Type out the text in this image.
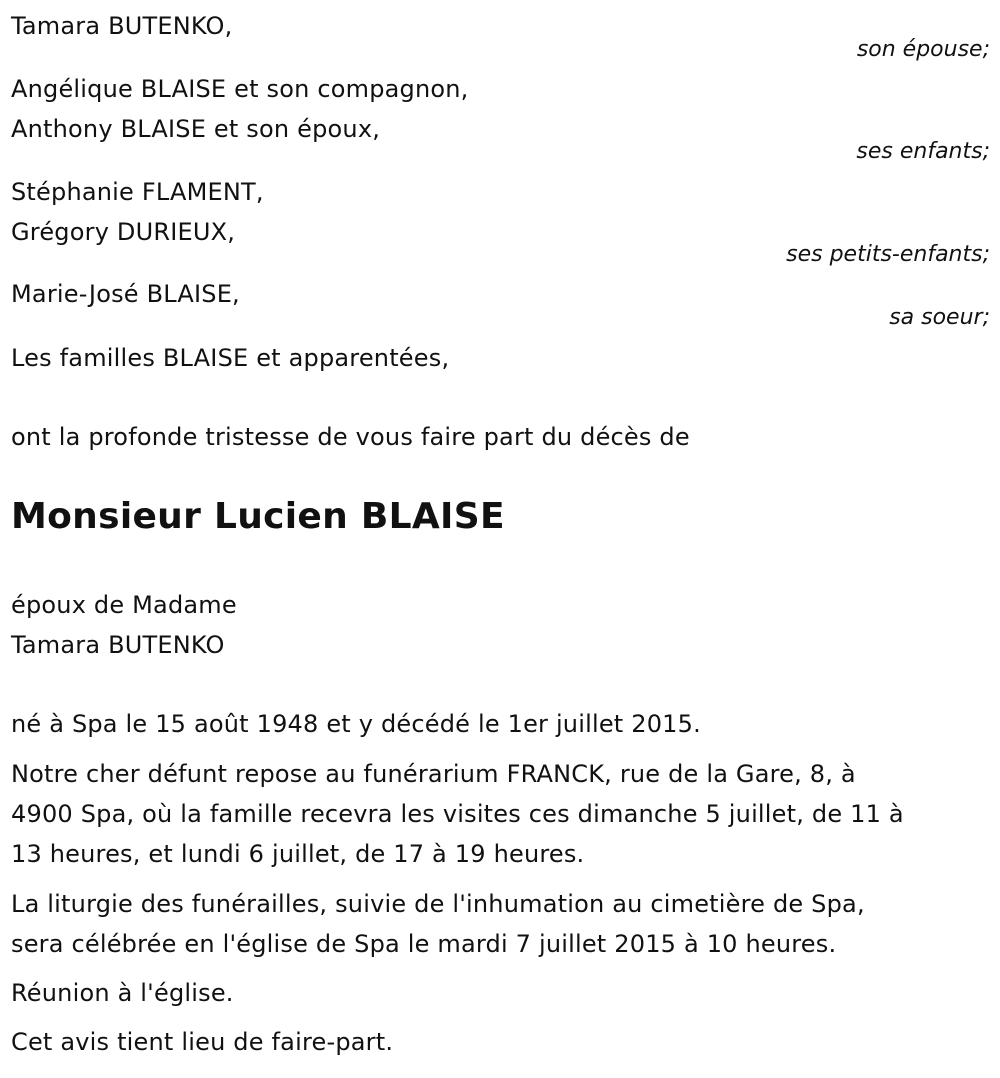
Tamara BUTENKO,
son épouse;
Angélique BLAISE et son compagnon,
Anthony BLAISE et son époux,
ses enfants;
Stéphanie FLAMENT,
Grégory DURIEUX,
ses petits-enfants;
Marie-José BLAISE,
sa soeur;
Les familles BLAISE et apparentées,
ont la profonde tristesse de vous faire part du décès de
Monsieur Lucien BLAISE
époux de Madame
Tamara BUTENKO
né à Spa le 15 août 1948 et y décédé le 1er juillet 2015.
Notre cher défunt repose au funérarium FRANCK, rue de la Gare, 8, à
4900 Spa, où la famille recevra les visites ces dimanche 5 juillet, de 11 à
13 heures, et lundi 6 juillet, de 17 à 19 heures.
La liturgie des funérailles, suivie de l'inhumation au cimetière de Spa,
sera célébrée en l'église de Spa le mardi 7 juillet 2015 à 10 heures.
Réunion à l'église.
Cet avis tient lieu de faire-part.
